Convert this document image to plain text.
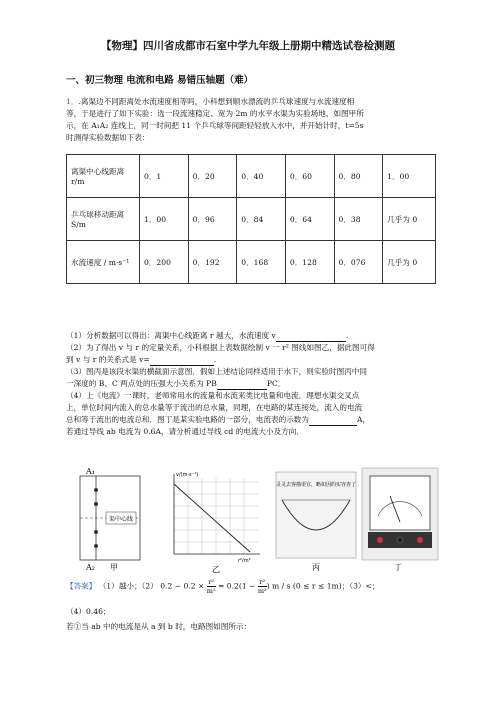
【物理】四川省成都市石室中学九年级上册期中精选试卷检测题
一、初三物理 电流和电路 易错压轴题（难）
1．.离渠边不同距离处水流速度相等吗，小科想到顺水漂流的乒乓球速度与水流速度相
等，于是进行了如下实验：选一段流速稳定、宽为 2m 的水平水渠为实验场地，如图甲所
示，在 A₁A₂ 连线上，同一时间把 11 个乒乓球等间距轻轻放入水中，并开始计时，t=5s
时测得实验数据如下表：
离渠中心线距离 r/m	0．1	0．20	0．40	0．60	0．80	1．00
乒乓球移动距离 S/m	1．00	0．96	0．84	0．64	0．38	几乎为 0
水流速度 / m·s⁻¹	0．200	0．192	0．168	0．128	0．076	几乎为 0
（1）分析数据可以得出：离渠中心线距离 r 越大，水流速度 v	.
（2）为了得出 v 与 r 的定量关系，小科根据上表数据绘制 v 一 r² 图线如图乙，据此图可得
到 v 与 r 的关系式是 v=	.
（3）图丙是该段水渠的横截面示意图．假如上述结论同样适用于水下，则实验时图丙中同
一深度的 B、C 两点处的压强大小关系为 PB	PC．
（4）上《电流》一课时，老师常用水的流量和水流来类比电量和电流．理想水渠交叉点
上，单位时间内流入的总水量等于流出的总水量，同理，在电路的某连接处，流入的电流
总和等于流出的电流总和．图丁是某实验电路的一部分，电流表的示数为	A，
若通过导线 ab 电流为 0.6A，请分析通过导线 cd 的电流大小及方向．
渠中心线
A₁
A₂ 甲
v/(m·s⁻¹)
r²/m²
乙
灵灵去客描渠宜，略如因的实容查了
丙	丁
【答案】 （1）越小；（2） $0.2 - 0.2 \times \frac{\text{r²}}{\text{m²}} = 0.2(1 - \frac{\text{r²}}{\text{m²}}$ ) m / s (0 ≤ r ≤ 1m)；（3）<；
（4）0.46；
若①当 ab 中的电流是从 a 到 b 时，电路图如图所示：
